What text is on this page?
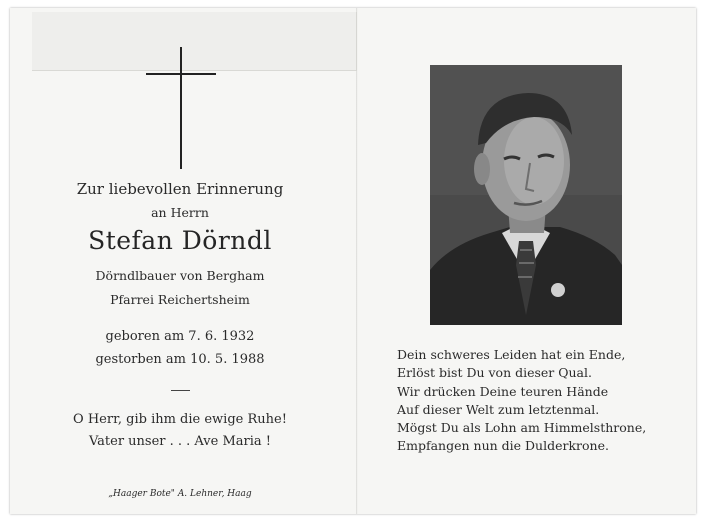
Zur liebevollen Erinnerung
an Herrn
Stefan Dörndl
Dörndlbauer von Bergham
Pfarrei Reichertsheim
geboren am 7. 6. 1932
gestorben am 10. 5. 1988
O Herr, gib ihm die ewige Ruhe!
Vater unser . . . Ave Maria !
„Haager Bote" A. Lehner, Haag
Dein schweres Leiden hat ein Ende,
Erlöst bist Du von dieser Qual.
Wir drücken Deine teuren Hände
Auf dieser Welt zum letztenmal.
Mögst Du als Lohn am Himmelsthrone,
Empfangen nun die Dulderkrone.
